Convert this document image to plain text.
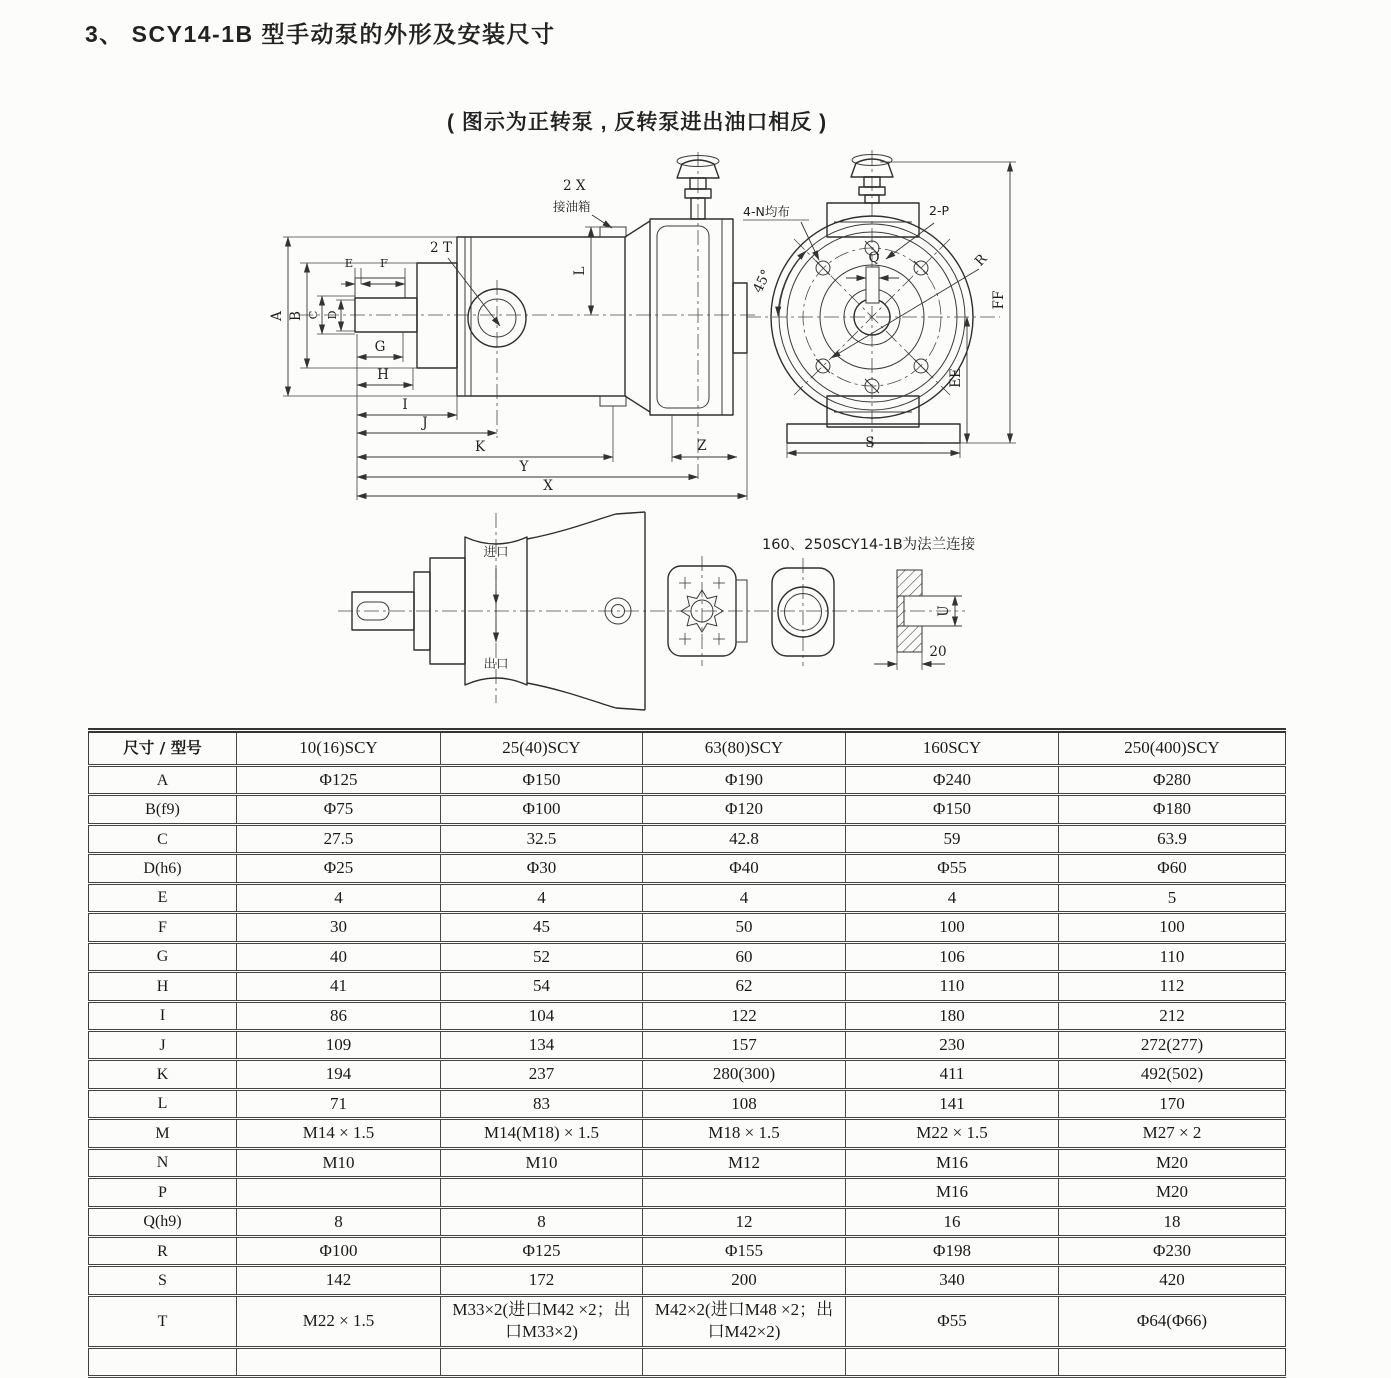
3、 SCY14-1B 型手动泵的外形及安装尺寸
( 图示为正转泵 , 反转泵进出油口相反 )
A B C D
E F
G
H
I
J
K	Z
Y
X
L
2 T
2 X
接油箱
Q
FF
EE
S
R
45°
4-N均布	2-P
进口
出口
U
20
160、250SCY14-1B为法兰连接
尺寸 / 型号	10(16)SCY	25(40)SCY	63(80)SCY	160SCY	250(400)SCY
A	Φ125	Φ150	Φ190	Φ240	Φ280
B(f9)	Φ75	Φ100	Φ120	Φ150	Φ180
C	27.5	32.5	42.8	59	63.9
D(h6)	Φ25	Φ30	Φ40	Φ55	Φ60
E	4	4	4	4	5
F	30	45	50	100	100
G	40	52	60	106	110
H	41	54	62	110	112
I	86	104	122	180	212
J	109	134	157	230	272(277)
K	194	237	280(300)	411	492(502)
L	71	83	108	141	170
M	M14 × 1.5	M14(M18) × 1.5	M18 × 1.5	M22 × 1.5	M27 × 2
N	M10	M10	M12	M16	M20
P				M16	M20
Q(h9)	8	8	12	16	18
R	Φ100	Φ125	Φ155	Φ198	Φ230
S	142	172	200	340	420
T	M22 × 1.5	M33×2(进口M42 ×2；出口M33×2)	M42×2(进口M48 ×2；出口M42×2)	Φ55	Φ64(Φ66)
